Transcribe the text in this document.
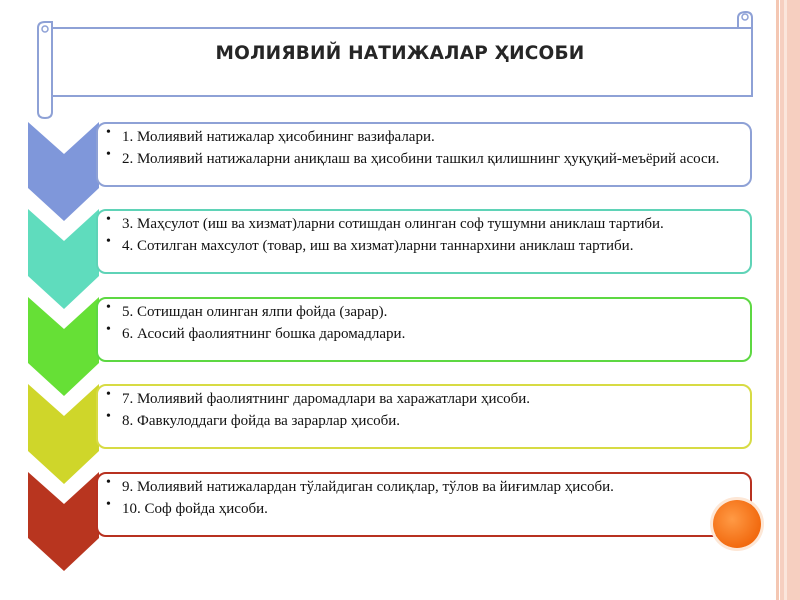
МОЛИЯВИЙ НАТИЖАЛАР ҲИСОБИ
• 1. Молиявий натижалар ҳисобининг вазифалари.
• 2. Молиявий натижаларни аниқлаш ва ҳисобини ташкил қилишнинг ҳуқуқий-меъёрий асоси.
• 3. Маҳсулот (иш ва хизмат)ларни сотишдан олинган соф тушумни аниклаш тартиби.
• 4. Сотилган махсулот (товар, иш ва хизмат)ларни таннархини аниклаш тартиби.
• 5. Сотишдан олинган ялпи фойда (зарар).
• 6. Асосий фаолиятнинг бошка даромадлари.
• 7. Молиявий фаолиятнинг даромадлари ва харажатлари ҳисоби.
• 8. Фавкулоддаги фойда ва зарарлар ҳисоби.
• 9. Молиявий натижалардан тўлайдиган солиқлар, тўлов ва йиғимлар ҳисоби.
• 10. Соф фойда ҳисоби.
